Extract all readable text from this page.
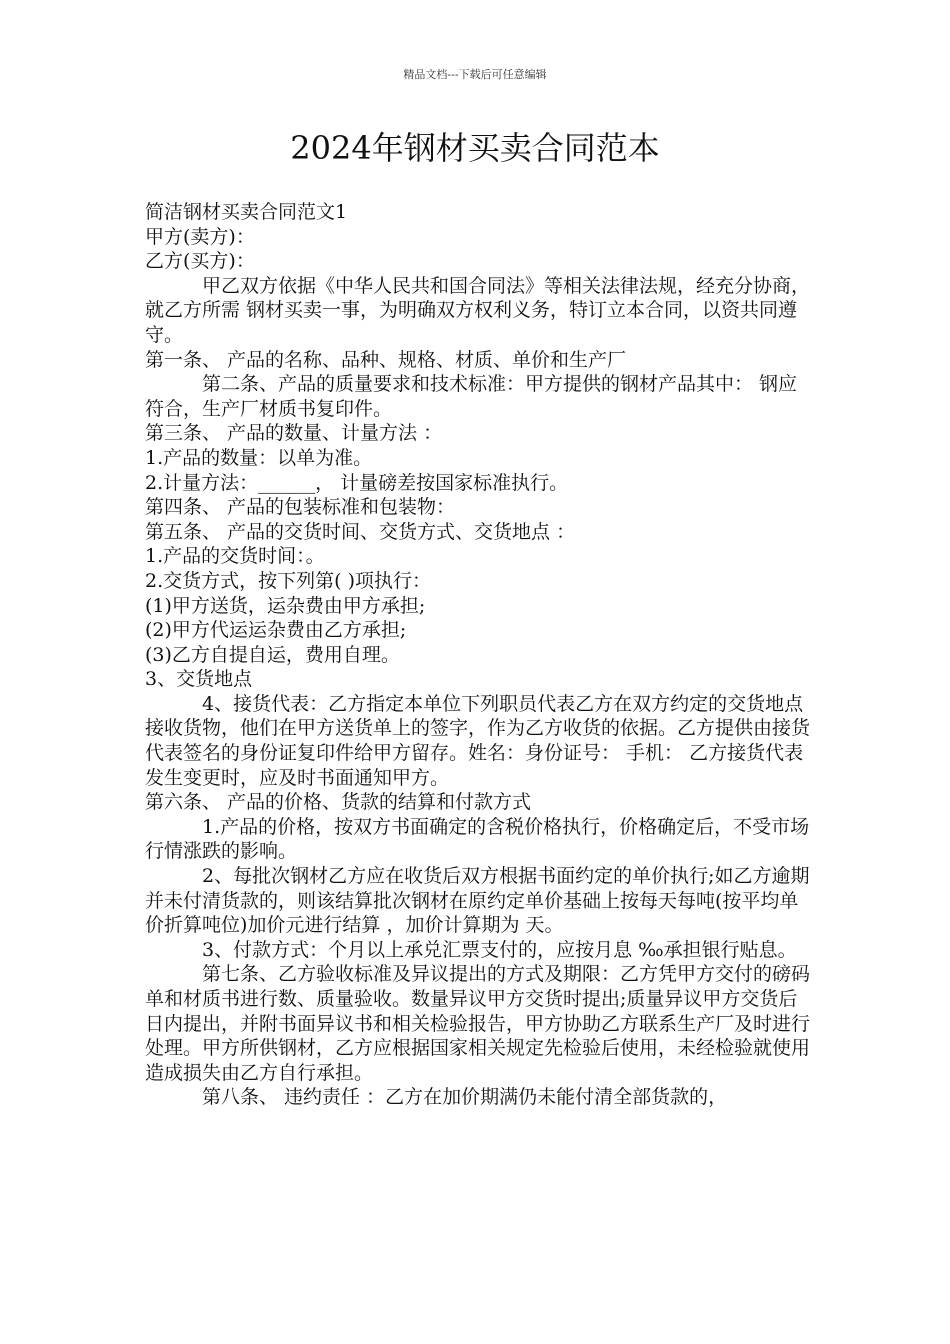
精品文档---下载后可任意编辑
2024年钢材买卖合同范本

简洁钢材买卖合同范文1

甲方(卖方)：

乙方(买方)：

甲乙双方依据《中华人民共和国合同法》等相关法律法规，经充分协商，就乙方所需 钢材买卖一事，为明确双方权利义务，特订立本合同，以资共同遵守。

第一条、 产品的名称、品种、规格、材质、单价和生产厂

第二条、产品的质量要求和技术标准：甲方提供的钢材产品其中： 钢应符合，生产厂材质书复印件。

第三条、 产品的数量、计量方法 ：

1.产品的数量：以单为准。

2.计量方法：______， 计量磅差按国家标准执行。

第四条、 产品的包装标准和包装物：

第五条、 产品的交货时间、交货方式、交货地点 ：

1.产品的交货时间：。

2.交货方式，按下列第( )项执行：

(1)甲方送货，运杂费由甲方承担;

(2)甲方代运运杂费由乙方承担;

(3)乙方自提自运，费用自理。

3、交货地点

4、接货代表：乙方指定本单位下列职员代表乙方在双方约定的交货地点接收货物，他们在甲方送货单上的签字，作为乙方收货的依据。乙方提供由接货代表签名的身份证复印件给甲方留存。姓名：身份证号： 手机： 乙方接货代表发生变更时，应及时书面通知甲方。

第六条、 产品的价格、货款的结算和付款方式

1.产品的价格，按双方书面确定的含税价格执行，价格确定后，不受市场行情涨跌的影响。

2、每批次钢材乙方应在收货后双方根据书面约定的单价执行;如乙方逾期并未付清货款的，则该结算批次钢材在原约定单价基础上按每天每吨(按平均单价折算吨位)加价元进行结算 ，加价计算期为 天。

3、付款方式：个月以上承兑汇票支付的，应按月息 ‰承担银行贴息。

第七条、乙方验收标准及异议提出的方式及期限：乙方凭甲方交付的磅码单和材质书进行数、质量验收。数量异议甲方交货时提出;质量异议甲方交货后日内提出，并附书面异议书和相关检验报告，甲方协助乙方联系生产厂及时进行处理。甲方所供钢材，乙方应根据国家相关规定先检验后使用，未经检验就使用造成损失由乙方自行承担。

第八条、 违约责任 ：乙方在加价期满仍未能付清全部货款的，
